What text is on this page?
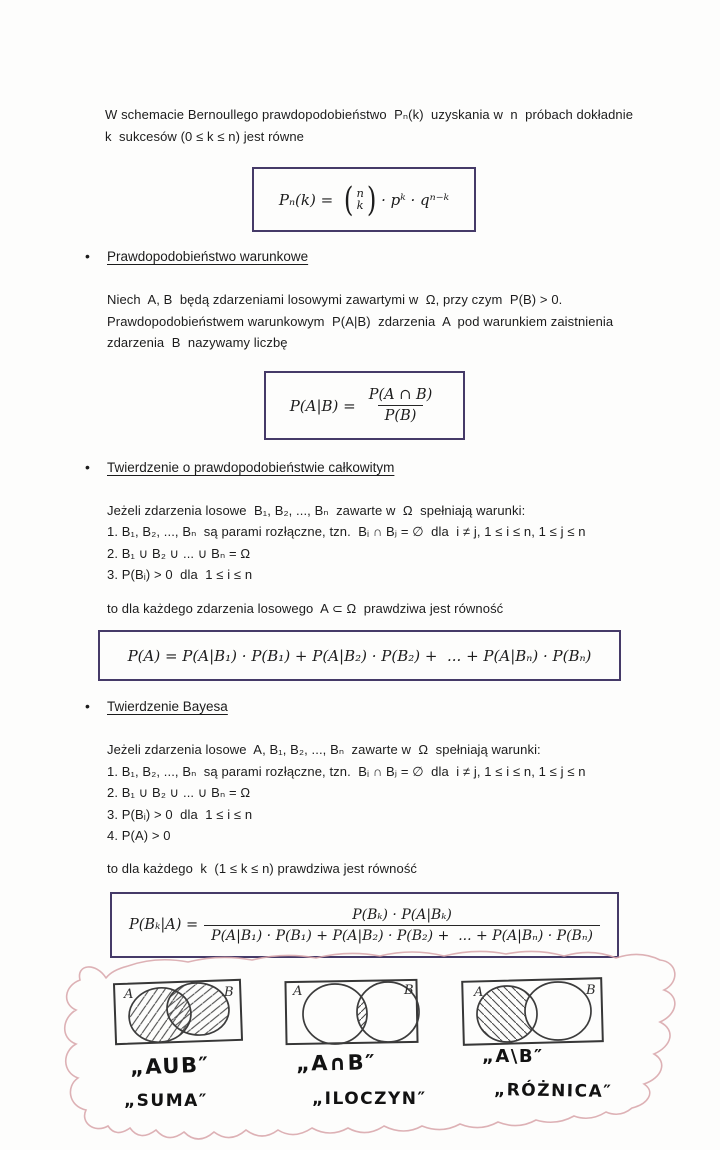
W schemacie Bernoullego prawdopodobieństwo  Pₙ(k)  uzyskania w  n  próbach dokładnie
k  sukcesów (0 ≤ k ≤ n) jest równe
Pₙ(k) = ( n
k ) · pᵏ · qⁿ⁻ᵏ
• Prawdopodobieństwo warunkowe
Niech  A, B  będą zdarzeniami losowymi zawartymi w  Ω, przy czym  P(B) > 0.
Prawdopodobieństwem warunkowym  P(A|B)  zdarzenia  A  pod warunkiem zaistnienia
zdarzenia  B  nazywamy liczbę
$P(A|B) = \frac{P(A \cap B)}{P(B)}$
• Twierdzenie o prawdopodobieństwie całkowitym
Jeżeli zdarzenia losowe  B₁, B₂, ..., Bₙ  zawarte w  Ω  spełniają warunki:
1. B₁, B₂, ..., Bₙ  są parami rozłączne, tzn.  Bᵢ ∩ Bⱼ = ∅  dla  i ≠ j, 1 ≤ i ≤ n, 1 ≤ j ≤ n
2. B₁ ∪ B₂ ∪ ... ∪ Bₙ = Ω
3. P(Bᵢ) > 0  dla  1 ≤ i ≤ n
to dla każdego zdarzenia losowego  A ⊂ Ω  prawdziwa jest równość
P(A) = P(A|B₁) · P(B₁) + P(A|B₂) · P(B₂) +  ... + P(A|Bₙ) · P(Bₙ)
• Twierdzenie Bayesa
Jeżeli zdarzenia losowe  A, B₁, B₂, ..., Bₙ  zawarte w  Ω  spełniają warunki:
1. B₁, B₂, ..., Bₙ  są parami rozłączne, tzn.  Bᵢ ∩ Bⱼ = ∅  dla  i ≠ j, 1 ≤ i ≤ n, 1 ≤ j ≤ n
2. B₁ ∪ B₂ ∪ ... ∪ Bₙ = Ω
3. P(Bᵢ) > 0  dla  1 ≤ i ≤ n
4. P(A) > 0
to dla każdego  k  (1 ≤ k ≤ n) prawdziwa jest równość
$P(B_k|A) = \frac{\text{P(Bₖ) · P(A|Bₖ)}}{\text{P(A|B₁) · P(B₁) + P(A|B₂) · P(B₂) +  ... + P(A|Bₙ) · P(Bₙ)}}$
A	B	A	B	A	B
„AUB″
„SUMA″
„A∩B″
„ILOCZYN″
„A\B″
„RÓŻNICA″
